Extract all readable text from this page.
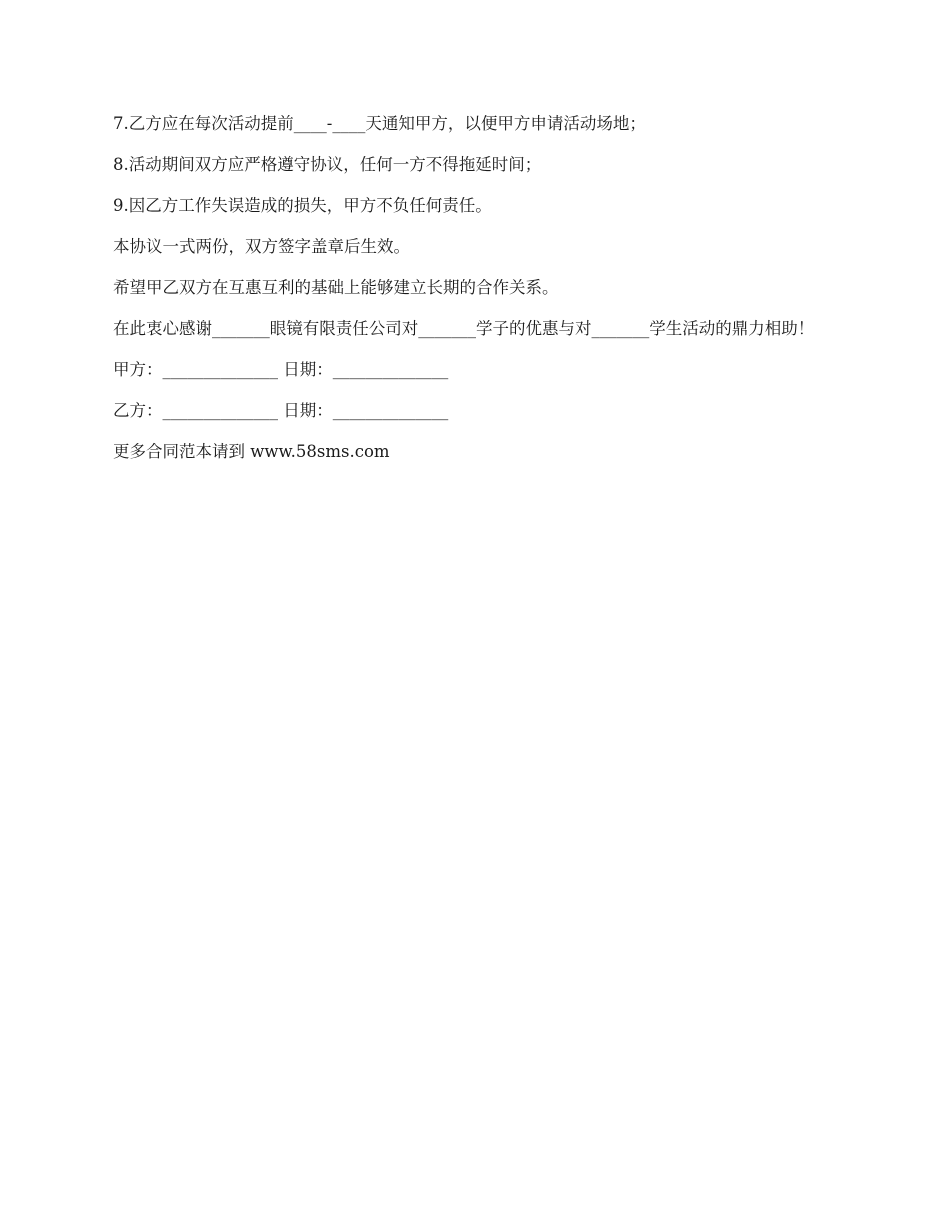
7.乙方应在每次活动提前____-____天通知甲方，以便甲方申请活动场地；

8.活动期间双方应严格遵守协议，任何一方不得拖延时间；

9.因乙方工作失误造成的损失，甲方不负任何责任。

本协议一式两份，双方签字盖章后生效。

希望甲乙双方在互惠互利的基础上能够建立长期的合作关系。

在此衷心感谢_______眼镜有限责任公司对_______学子的优惠与对_______学生活动的鼎力相助！

甲方：______________ 日期：______________

乙方：______________ 日期：______________

更多合同范本请到 www.58sms.com
